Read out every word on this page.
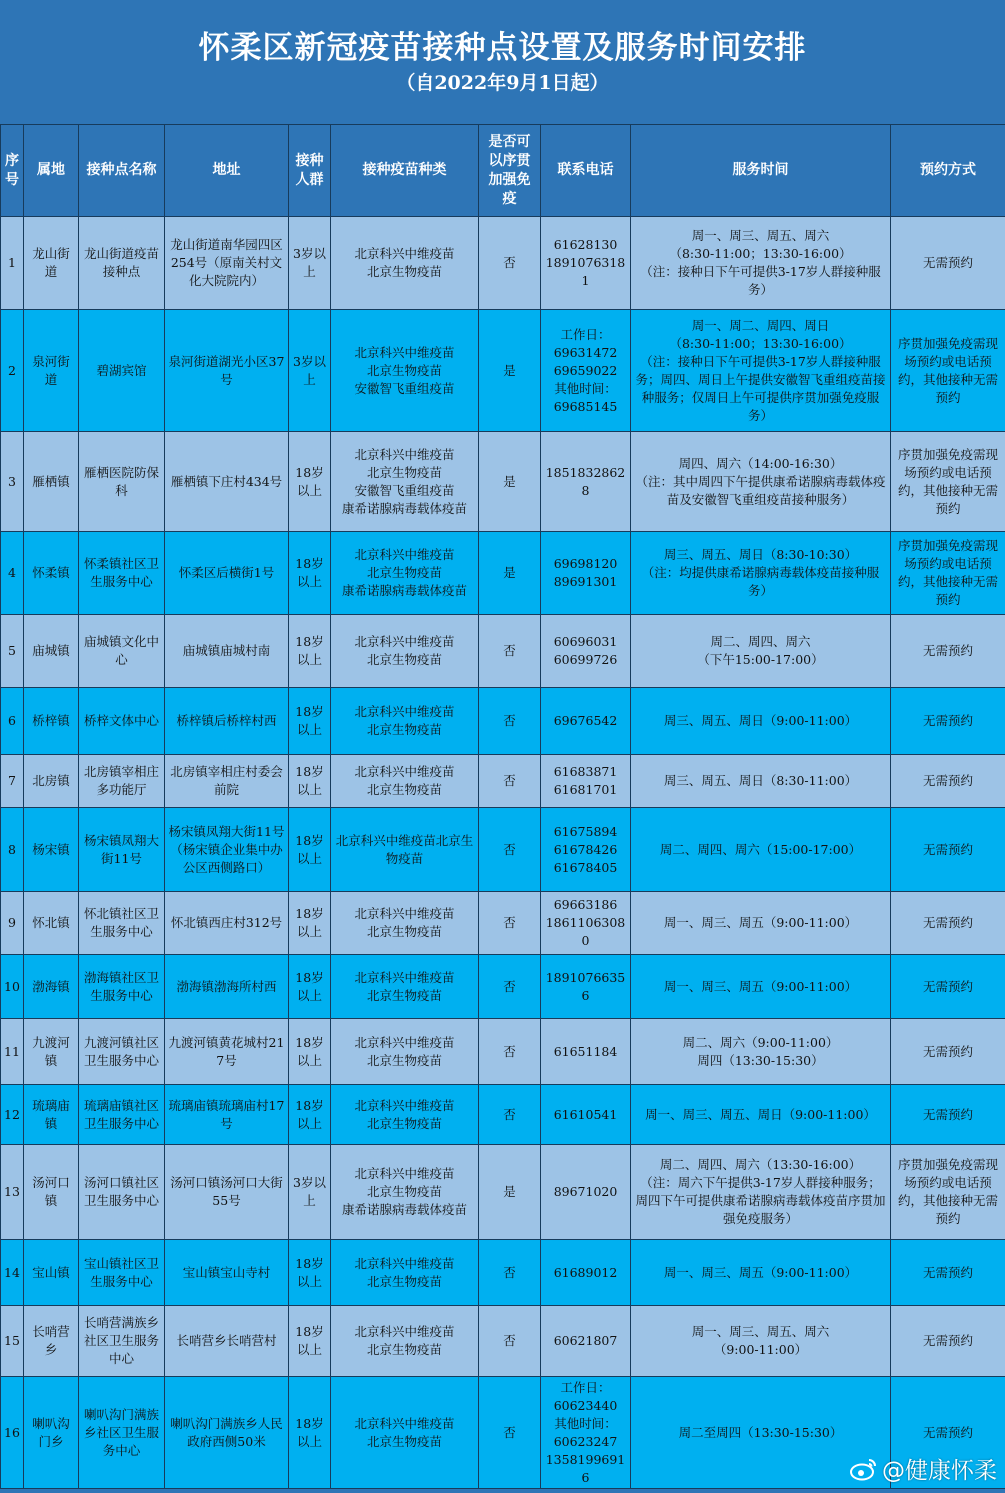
怀柔区新冠疫苗接种点设置及服务时间安排
（自2022年9月1日起）
序号	属地	接种点名称	地址	接种人群	接种疫苗种类	是否可以序贯加强免疫	联系电话	服务时间	预约方式
1	龙山街道	龙山街道疫苗接种点	龙山街道南华园四区254号（原南关村文化大院院内）	3岁以上	北京科兴中维疫苗
北京生物疫苗	否	61628130
18910763181	周一、周三、周五、周六
（8:30-11:00；13:30-16:00）
（注：接种日下午可提供3-17岁人群接种服务）	无需预约
2	泉河街道	碧湖宾馆	泉河街道湖光小区37号	3岁以上	北京科兴中维疫苗
北京生物疫苗
安徽智飞重组疫苗	是	工作日：
69631472
69659022
其他时间：
69685145	周一、周二、周四、周日
（8:30-11:00；13:30-16:00）
（注：接种日下午可提供3-17岁人群接种服务；周四、周日上午提供安徽智飞重组疫苗接种服务；仅周日上午可提供序贯加强免疫服务）	序贯加强免疫需现场预约或电话预约，其他接种无需预约
3	雁栖镇	雁栖医院防保科	雁栖镇下庄村434号	18岁以上	北京科兴中维疫苗
北京生物疫苗
安徽智飞重组疫苗
康希诺腺病毒载体疫苗	是	18518328628	周四、周六（14:00-16:30）
（注：其中周四下午提供康希诺腺病毒载体疫苗及安徽智飞重组疫苗接种服务）	序贯加强免疫需现场预约或电话预约，其他接种无需预约
4	怀柔镇	怀柔镇社区卫生服务中心	怀柔区后横街1号	18岁以上	北京科兴中维疫苗
北京生物疫苗
康希诺腺病毒载体疫苗	是	69698120
89691301	周三、周五、周日（8:30-10:30）
（注：均提供康希诺腺病毒载体疫苗接种服务）	序贯加强免疫需现场预约或电话预约，其他接种无需预约
5	庙城镇	庙城镇文化中心	庙城镇庙城村南	18岁以上	北京科兴中维疫苗
北京生物疫苗	否	60696031
60699726	周二、周四、周六
（下午15:00-17:00）	无需预约
6	桥梓镇	桥梓文体中心	桥梓镇后桥梓村西	18岁以上	北京科兴中维疫苗
北京生物疫苗	否	69676542	周三、周五、周日（9:00-11:00）	无需预约
7	北房镇	北房镇宰相庄多功能厅	北房镇宰相庄村委会前院	18岁以上	北京科兴中维疫苗
北京生物疫苗	否	61683871
61681701	周三、周五、周日（8:30-11:00）	无需预约
8	杨宋镇	杨宋镇凤翔大街11号	杨宋镇凤翔大街11号（杨宋镇企业集中办公区西侧路口）	18岁以上	北京科兴中维疫苗北京生物疫苗	否	61675894
61678426
61678405	周二、周四、周六（15:00-17:00）	无需预约
9	怀北镇	怀北镇社区卫生服务中心	怀北镇西庄村312号	18岁以上	北京科兴中维疫苗
北京生物疫苗	否	69663186
18611063080	周一、周三、周五（9:00-11:00）	无需预约
10	渤海镇	渤海镇社区卫生服务中心	渤海镇渤海所村西	18岁以上	北京科兴中维疫苗
北京生物疫苗	否	18910766356	周一、周三、周五（9:00-11:00）	无需预约
11	九渡河镇	九渡河镇社区卫生服务中心	九渡河镇黄花城村217号	18岁以上	北京科兴中维疫苗
北京生物疫苗	否	61651184	周二、周六（9:00-11:00）
周四（13:30-15:30）	无需预约
12	琉璃庙镇	琉璃庙镇社区卫生服务中心	琉璃庙镇琉璃庙村17号	18岁以上	北京科兴中维疫苗
北京生物疫苗	否	61610541	周一、周三、周五、周日（9:00-11:00）	无需预约
13	汤河口镇	汤河口镇社区卫生服务中心	汤河口镇汤河口大街55号	3岁以上	北京科兴中维疫苗
北京生物疫苗
康希诺腺病毒载体疫苗	是	89671020	周二、周四、周六（13:30-16:00）
（注：周六下午提供3-17岁人群接种服务；周四下午可提供康希诺腺病毒载体疫苗序贯加强免疫服务）	序贯加强免疫需现场预约或电话预约，其他接种无需预约
14	宝山镇	宝山镇社区卫生服务中心	宝山镇宝山寺村	18岁以上	北京科兴中维疫苗
北京生物疫苗	否	61689012	周一、周三、周五（9:00-11:00）	无需预约
15	长哨营乡	长哨营满族乡社区卫生服务中心	长哨营乡长哨营村	18岁以上	北京科兴中维疫苗
北京生物疫苗	否	60621807	周一、周三、周五、周六
（9:00-11:00）	无需预约
16	喇叭沟门乡	喇叭沟门满族乡社区卫生服务中心	喇叭沟门满族乡人民政府西侧50米	18岁以上	北京科兴中维疫苗
北京生物疫苗	否	工作日：
60623440
其他时间：
60623247
13581996916	周二至周四（13:30-15:30）	无需预约
@健康怀柔
